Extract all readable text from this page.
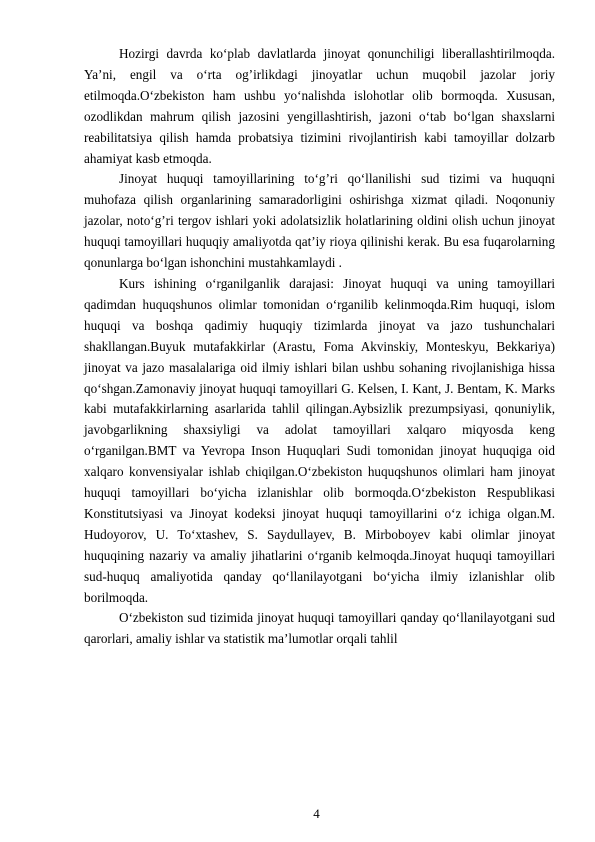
Hozirgi davrda ko‘plab davlatlarda jinoyat qonunchiligi liberallashtirilmoqda. Ya’ni, engil va o‘rta og’irlikdagi jinoyatlar uchun muqobil jazolar joriy etilmoqda.O‘zbekiston ham ushbu yo‘nalishda islohotlar olib bormoqda. Xususan, ozodlikdan mahrum qilish jazosini yengillashtirish, jazoni o‘tab bo‘lgan shaxslarni reabilitatsiya qilish hamda probatsiya tizimini rivojlantirish kabi tamoyillar dolzarb ahamiyat kasb etmoqda.

Jinoyat huquqi tamoyillarining to‘g’ri qo‘llanilishi sud tizimi va huquqni muhofaza qilish organlarining samaradorligini oshirishga xizmat qiladi. Noqonuniy jazolar, noto‘g’ri tergov ishlari yoki adolatsizlik holatlarining oldini olish uchun jinoyat huquqi tamoyillari huquqiy amaliyotda qat’iy rioya qilinishi kerak. Bu esa fuqarolarning qonunlarga bo‘lgan ishonchini mustahkamlaydi .

Kurs ishining o‘rganilganlik darajasi: Jinoyat huquqi va uning tamoyillari qadimdan huquqshunos olimlar tomonidan o‘rganilib kelinmoqda.Rim huquqi, islom huquqi va boshqa qadimiy huquqiy tizimlarda jinoyat va jazo tushunchalari shakllangan.Buyuk mutafakkirlar (Arastu, Foma Akvinskiy, Monteskyu, Bekkariya) jinoyat va jazo masalalariga oid ilmiy ishlari bilan ushbu sohaning rivojlanishiga hissa qo‘shgan.Zamonaviy jinoyat huquqi tamoyillari G. Kelsen, I. Kant, J. Bentam, K. Marks kabi mutafakkirlarning asarlarida tahlil qilingan.Aybsizlik prezumpsiyasi, qonuniylik, javobgarlikning shaxsiyligi va adolat tamoyillari xalqaro miqyosda keng o‘rganilgan.BMT va Yevropa Inson Huquqlari Sudi tomonidan jinoyat huquqiga oid xalqaro konvensiyalar ishlab chiqilgan.O‘zbekiston huquqshunos olimlari ham jinoyat huquqi tamoyillari bo‘yicha izlanishlar olib bormoqda.O‘zbekiston Respublikasi Konstitutsiyasi va Jinoyat kodeksi jinoyat huquqi tamoyillarini o‘z ichiga olgan.M. Hudoyorov, U. To‘xtashev, S. Saydullayev, B. Mirboboyev kabi olimlar jinoyat huquqining nazariy va amaliy jihatlarini o‘rganib kelmoqda.Jinoyat huquqi tamoyillari sud-huquq amaliyotida qanday qo‘llanilayotgani bo‘yicha ilmiy izlanishlar olib borilmoqda.

O‘zbekiston sud tizimida jinoyat huquqi tamoyillari qanday qo‘llanilayotgani sud qarorlari, amaliy ishlar va statistik ma’lumotlar orqali tahlil

4
